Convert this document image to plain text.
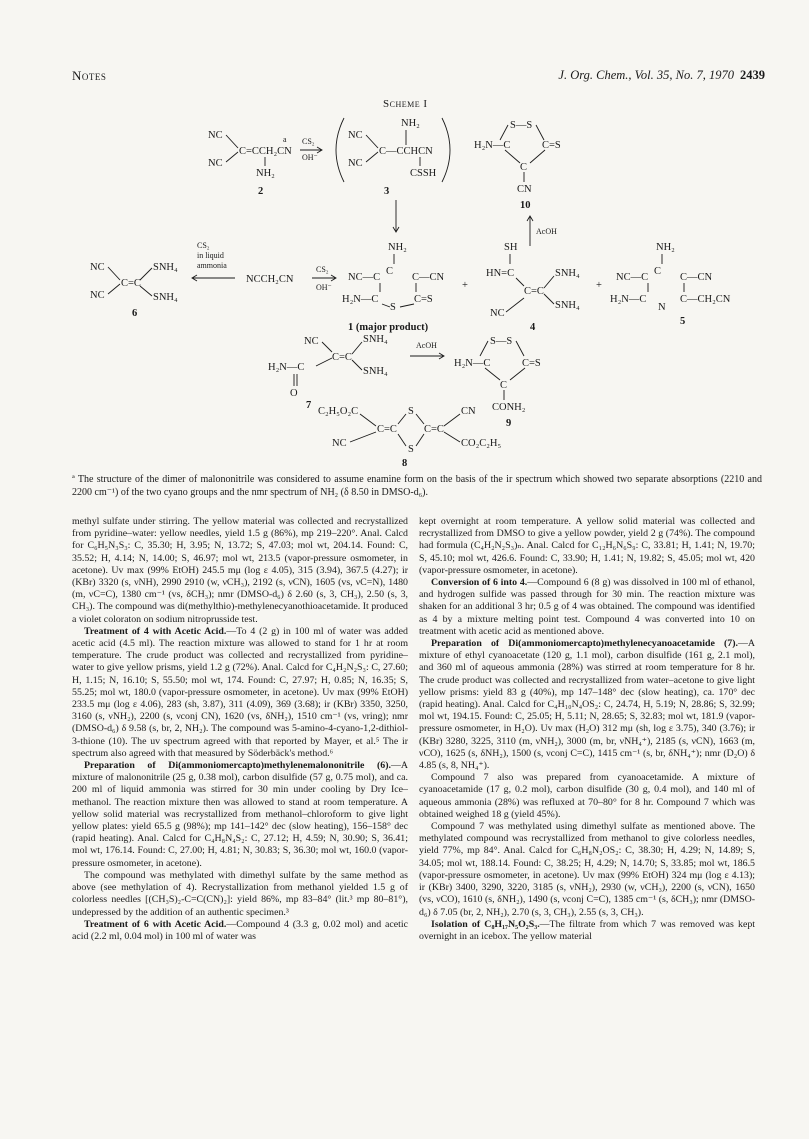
Notes	J. Org. Chem., Vol. 35, No. 7, 1970 2439
Scheme I
NC
NC
C=CCH₂CN
a
NH₂
2
CS₂
OH⁻
NC
NC
C—CCHCN
NH₂
CSSH
3
S—S
H₂N—C	C=S
C
CN
10
AcOH
NC
NC
C=C
SNH₄
SNH₄
6
CS₂
in liquid
ammonia
NCCH₂CN
CS₂
OH⁻
NH₂
NC—C
C
C—CN
H₂N—C
S
C=S
1 (major product)
+
SH
HN=C
C=C
SNH₄
SNH₄
NC
4
+
NH₂
NC—C
C
C—CN
H₂N—C
N
C—CH₂CN
5
NC
C=C
SNH₄
SNH₄
H₂N—C
O
7
AcOH	S—S
H₂N—C	C=S
C
CONH₂
9
C₂H₅O₂C
NC
C=C
S
S
C=C
CN
CO₂C₂H₅
8
ª The structure of the dimer of malononitrile was considered to assume enamine form on the basis of the ir spectrum which showed two separate absorptions (2210 and 2200 cm⁻¹) of the two cyano groups and the nmr spectrum of NH₂ (δ 8.50 in DMSO-d₆).

methyl sulfate under stirring. The yellow material was collected and recrystallized from pyridine–water: yellow needles, yield 1.5 g (86%), mp 219–220°. Anal. Calcd for C₆H₅N₃S₃: C, 35.30; H, 3.95; N, 13.72; S, 47.03; mol wt, 204.14. Found: C, 35.52; H, 4.14; N, 14.00; S, 46.97; mol wt, 213.5 (vapor-pressure osmometer, in acetone). Uv max (99% EtOH) 245.5 mμ (log ε 4.05), 315 (3.94), 367.5 (4.27); ir (KBr) 3320 (s, νNH), 2990 2910 (w, νCH₃), 2192 (s, νCN), 1605 (vs, νC=N), 1480 (m, νC=C), 1380 cm⁻¹ (vs, δCH₃); nmr (DMSO-d₆) δ 2.60 (s, 3, CH₃), 2.50 (s, 3, CH₃). The compound was di(methylthio)-methylenecyanothioacetamide. It produced a violet coloraton on sodium nitroprusside test.

Treatment of 4 with Acetic Acid.—To 4 (2 g) in 100 ml of water was added acetic acid (4.5 ml). The reaction mixture was allowed to stand for 1 hr at room temperature. The crude product was collected and recrystallized from pyridine–water to give yellow prisms, yield 1.2 g (72%). Anal. Calcd for C₄H₂N₂S₃: C, 27.60; H, 1.15; N, 16.10; S, 55.50; mol wt, 174. Found: C, 27.97; H, 0.85; N, 16.35; S, 55.25; mol wt, 180.0 (vapor-pressure osmometer, in acetone). Uv max (99% EtOH) 233.5 mμ (log ε 4.06), 283 (sh, 3.87), 311 (4.09), 369 (3.68); ir (KBr) 3350, 3250, 3160 (s, νNH₂), 2200 (s, νconj CN), 1620 (vs, δNH₂), 1510 cm⁻¹ (vs, νring); nmr (DMSO-d₆) δ 9.58 (s, br, 2, NH₂). The compound was 5-amino-4-cyano-1,2-dithiol-3-thione (10). The uv spectrum agreed with that reported by Mayer, et al.⁵ The ir spectrum also agreed with that measured by Söderbäck's method.⁶

Preparation of Di(ammoniomercapto)methylenemalononitrile (6).—A mixture of malononitrile (25 g, 0.38 mol), carbon disulfide (57 g, 0.75 mol), and ca. 200 ml of liquid ammonia was stirred for 30 min under cooling by Dry Ice–methanol. The reaction mixture then was allowed to stand at room temperature. A yellow solid material was recrystallized from methanol–chloroform to give light yellow plates: yield 65.5 g (98%); mp 141–142° dec (slow heating), 156–158° dec (rapid heating). Anal. Calcd for C₄H₈N₄S₂: C, 27.12; H, 4.59; N, 30.90; S, 36.41; mol wt, 176.14. Found: C, 27.00; H, 4.81; N, 30.83; S, 36.30; mol wt, 160.0 (vapor-pressure osmometer, in acetone).

The compound was methylated with dimethyl sulfate by the same method as above (see methylation of 4). Recrystallization from methanol yielded 1.5 g of colorless needles [(CH₃S)₂-C=C(CN)₂]: yield 86%, mp 83–84° (lit.³ mp 80–81°), undepressed by the addition of an authentic specimen.³

Treatment of 6 with Acetic Acid.—Compound 4 (3.3 g, 0.02 mol) and acetic acid (2.2 ml, 0.04 mol) in 100 ml of water was

kept overnight at room temperature. A yellow solid material was collected and recrystallized from DMSO to give a yellow powder, yield 2 g (74%). The compound had formula (C₄H₂N₂S₃)ₙ. Anal. Calcd for C₁₂H₆N₆S₉: C, 33.81; H, 1.41; N, 19.70; S, 45.10; mol wt, 426.6. Found: C, 33.90; H, 1.41; N, 19.82; S, 45.05; mol wt, 420 (vapor-pressure osmometer, in acetone).

Conversion of 6 into 4.—Compound 6 (8 g) was dissolved in 100 ml of ethanol, and hydrogen sulfide was passed through for 30 min. The reaction mixture was shaken for an additional 3 hr; 0.5 g of 4 was obtained. The compound was identified as 4 by a mixture melting point test. Compound 4 was converted into 10 on treatment with acetic acid as mentioned above.

Preparation of Di(ammoniomercapto)methylenecyanoacetamide (7).—A mixture of ethyl cyanoacetate (120 g, 1.1 mol), carbon disulfide (161 g, 2.1 mol), and 360 ml of aqueous ammonia (28%) was stirred at room temperature for 8 hr. The crude product was collected and recrystallized from water–acetone to give light yellow prisms: yield 83 g (40%), mp 147–148° dec (slow heating), ca. 170° dec (rapid heating). Anal. Calcd for C₄H₁₀N₄OS₂: C, 24.74, H, 5.19; N, 28.86; S, 32.99; mol wt, 194.15. Found: C, 25.05; H, 5.11; N, 28.65; S, 32.83; mol wt, 181.9 (vapor-pressure osmometer, in H₂O). Uv max (H₂O) 312 mμ (sh, log ε 3.75), 340 (3.76); ir (KBr) 3280, 3225, 3110 (m, νNH₂), 3000 (m, br, νNH₄⁺), 2185 (s, νCN), 1663 (m, νCO), 1625 (s, δNH₂), 1500 (s, νconj C=C), 1415 cm⁻¹ (s, br, δNH₄⁺); nmr (D₂O) δ 4.85 (s, 8, NH₄⁺).

Compound 7 also was prepared from cyanoacetamide. A mixture of cyanoacetamide (17 g, 0.2 mol), carbon disulfide (30 g, 0.4 mol), and 140 ml of aqueous ammonia (28%) was refluxed at 70–80° for 8 hr. Compound 7 which was obtained weighed 18 g (yield 45%).

Compound 7 was methylated using dimethyl sulfate as mentioned above. The methylated compound was recrystallized from methanol to give colorless needles, yield 77%, mp 84°. Anal. Calcd for C₆H₈N₂OS₂: C, 38.30; H, 4.29; N, 14.89; S, 34.05; mol wt, 188.14. Found: C, 38.25; H, 4.29; N, 14.70; S, 33.85; mol wt, 186.5 (vapor-pressure osmometer, in acetone). Uv max (99% EtOH) 324 mμ (log ε 4.13); ir (KBr) 3400, 3290, 3220, 3185 (s, νNH₂), 2930 (w, νCH₃), 2200 (s, νCN), 1650 (vs, νCO), 1610 (s, δNH₂), 1490 (s, νconj C=C), 1385 cm⁻¹ (s, δCH₃); nmr (DMSO-d₆) δ 7.05 (br, 2, NH₂), 2.70 (s, 3, CH₃), 2.55 (s, 3, CH₃).

Isolation of C₈H₁₇N₅O₂S₃.—The filtrate from which 7 was removed was kept overnight in an icebox. The yellow material
